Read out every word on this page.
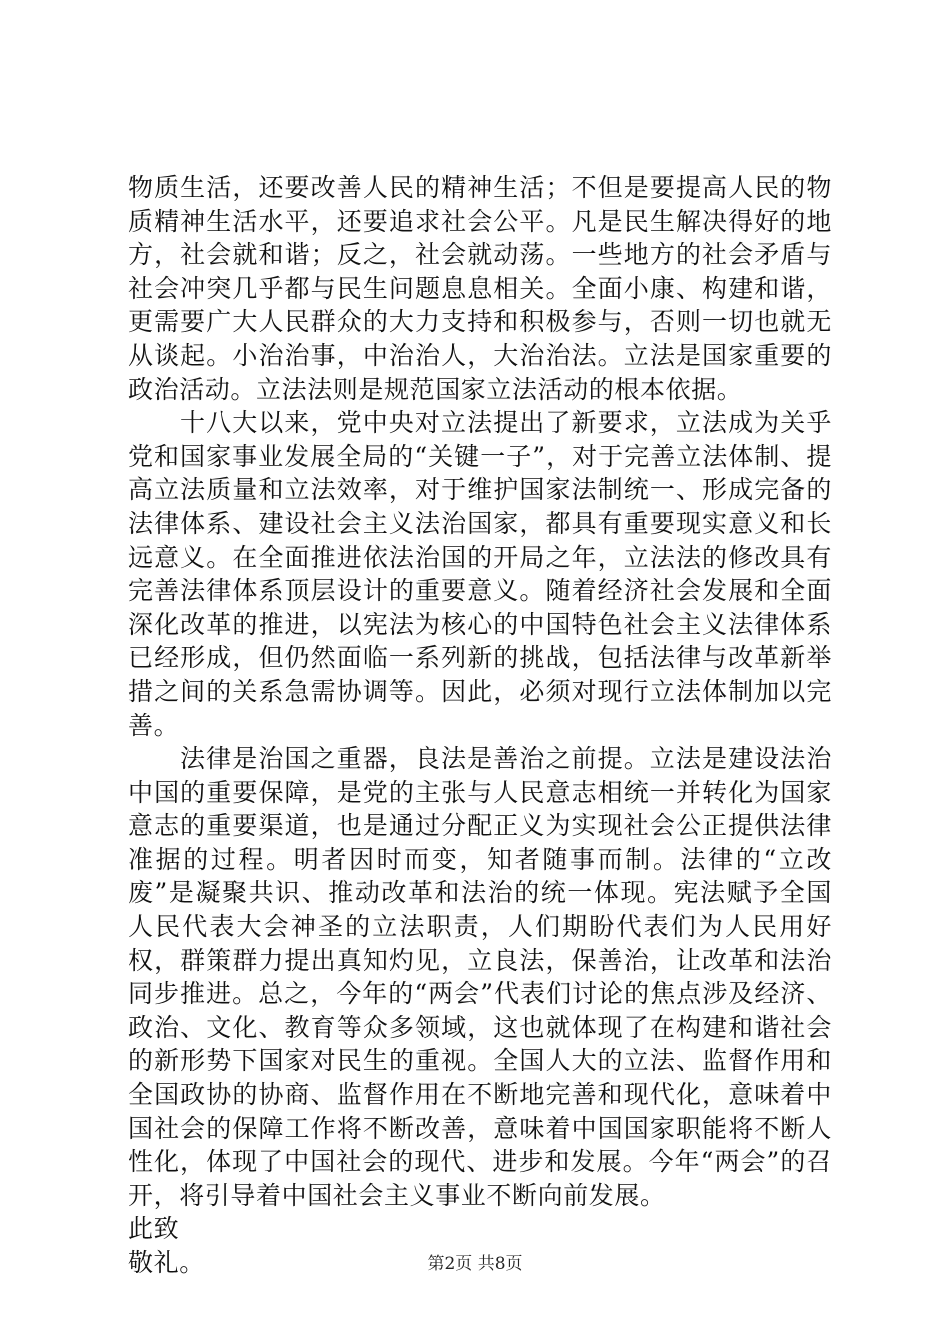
物质生活，还要改善人民的精神生活；不但是要提高人民的物质精神生活水平，还要追求社会公平。凡是民生解决得好的地方，社会就和谐；反之，社会就动荡。一些地方的社会矛盾与社会冲突几乎都与民生问题息息相关。全面小康、构建和谐，更需要广大人民群众的大力支持和积极参与，否则一切也就无从谈起。小治治事，中治治人，大治治法。立法是国家重要的政治活动。立法法则是规范国家立法活动的根本依据。

十八大以来，党中央对立法提出了新要求，立法成为关乎党和国家事业发展全局的“关键一子”，对于完善立法体制、提高立法质量和立法效率，对于维护国家法制统一、形成完备的法律体系、建设社会主义法治国家，都具有重要现实意义和长远意义。在全面推进依法治国的开局之年，立法法的修改具有完善法律体系顶层设计的重要意义。随着经济社会发展和全面深化改革的推进，以宪法为核心的中国特色社会主义法律体系已经形成，但仍然面临一系列新的挑战，包括法律与改革新举措之间的关系急需协调等。因此，必须对现行立法体制加以完善。

法律是治国之重器，良法是善治之前提。立法是建设法治中国的重要保障，是党的主张与人民意志相统一并转化为国家意志的重要渠道，也是通过分配正义为实现社会公正提供法律准据的过程。明者因时而变，知者随事而制。法律的“立改废”是凝聚共识、推动改革和法治的统一体现。宪法赋予全国人民代表大会神圣的立法职责，人们期盼代表们为人民用好权，群策群力提出真知灼见，立良法，保善治，让改革和法治同步推进。总之，今年的“两会”代表们讨论的焦点涉及经济、政治、文化、教育等众多领域，这也就体现了在构建和谐社会的新形势下国家对民生的重视。全国人大的立法、监督作用和全国政协的协商、监督作用在不断地完善和现代化，意味着中国社会的保障工作将不断改善，意味着中国国家职能将不断人性化，体现了中国社会的现代、进步和发展。今年“两会”的召开，将引导着中国社会主义事业不断向前发展。

此致

敬礼。	第2页 共8页
